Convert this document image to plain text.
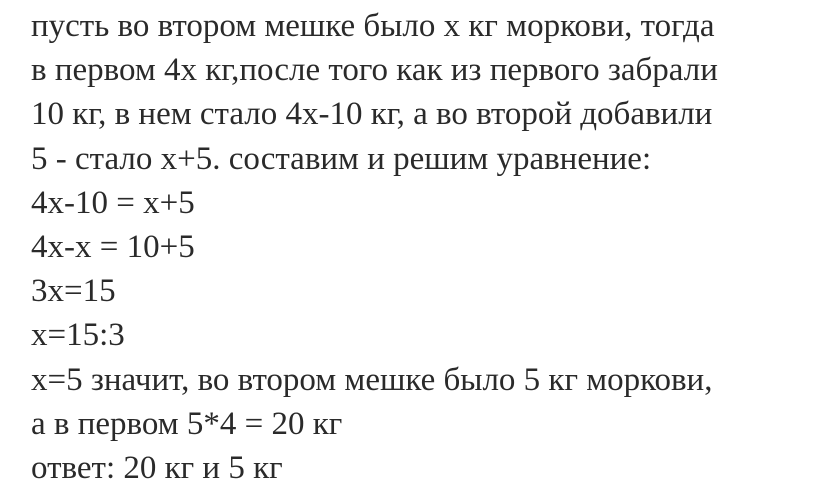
пусть во втором мешке было х кг моркови, тогда
в первом 4х кг,после того как из первого забрали
10 кг, в нем стало 4х-10 кг, а во второй добавили
5 - стало х+5. составим и решим уравнение:
4х-10 = х+5
4х-х = 10+5
3х=15
х=15:3
х=5 значит, во втором мешке было 5 кг моркови,
а в первом 5*4 = 20 кг
ответ: 20 кг и 5 кг
